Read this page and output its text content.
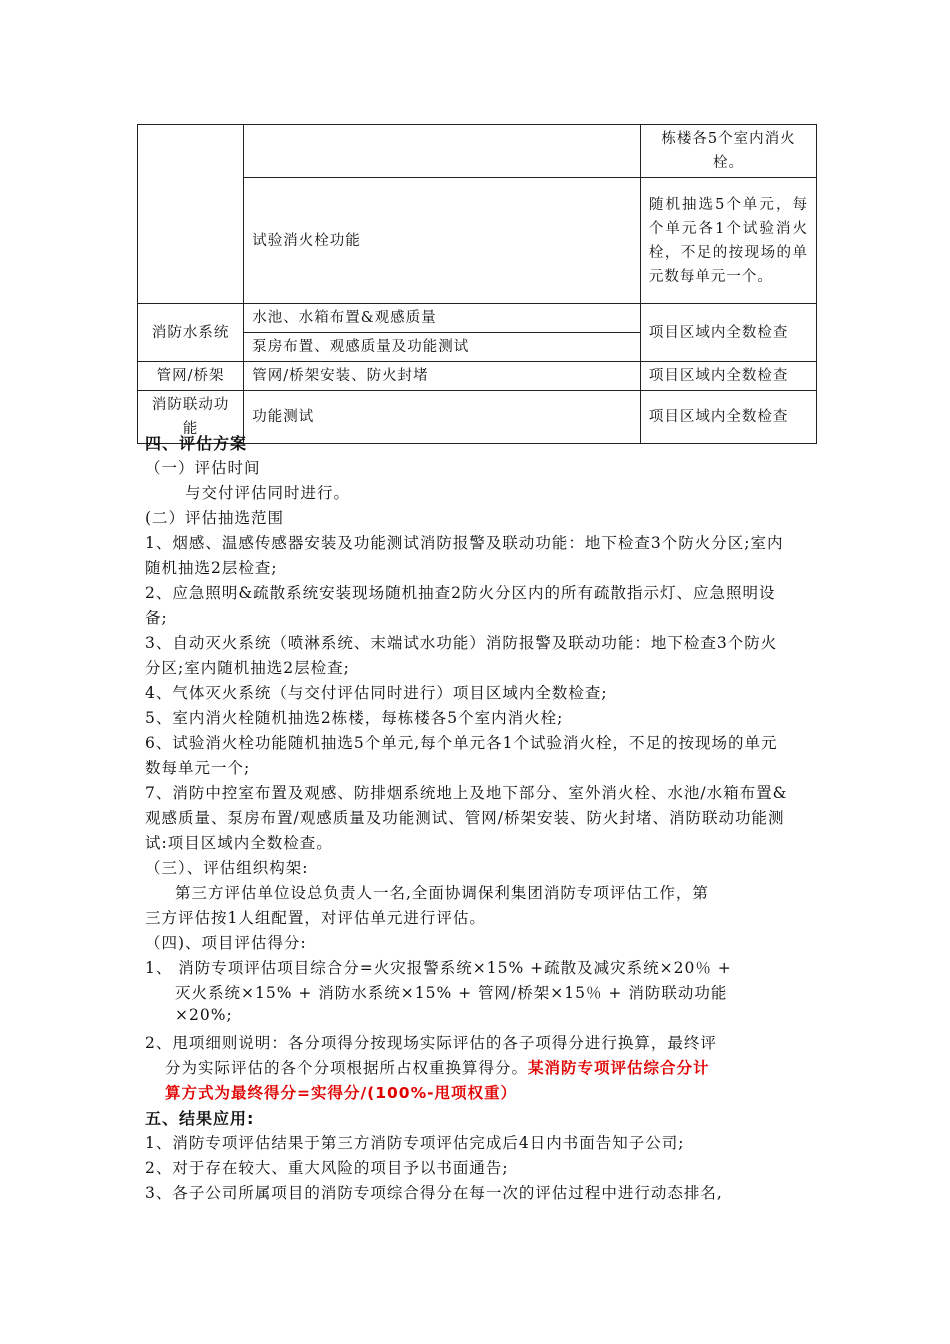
		栋楼各5个室内消火栓。
	试验消火栓功能	随机抽选5个单元，每个单元各1个试验消火栓，不足的按现场的单元数每单元一个。
消防水系统	水池、水箱布置&观感质量	项目区域内全数检查
	泵房布置、观感质量及功能测试	
管网/桥架	管网/桥架安装、防火封堵	项目区域内全数检查
消防联动功能	功能测试	项目区域内全数检查
四、评估方案
（一）评估时间
与交付评估同时进行。
(二）评估抽选范围
1、烟感、温感传感器安装及功能测试消防报警及联动功能：地下检查3个防火分区;室内
随机抽选2层检查;
2、应急照明&疏散系统安装现场随机抽查2防火分区内的所有疏散指示灯、应急照明设
备;
3、自动灭火系统（喷淋系统、末端试水功能）消防报警及联动功能：地下检查3个防火
分区;室内随机抽选2层检查;
4、气体灭火系统（与交付评估同时进行）项目区域内全数检查;
5、室内消火栓随机抽选2栋楼，每栋楼各5个室内消火栓;
6、试验消火栓功能随机抽选5个单元,每个单元各1个试验消火栓，不足的按现场的单元
数每单元一个;
7、消防中控室布置及观感、防排烟系统地上及地下部分、室外消火栓、水池/水箱布置&
观感质量、泵房布置/观感质量及功能测试、管网/桥架安装、防火封堵、消防联动功能测
试:项目区域内全数检查。
（三）、评估组织构架:
第三方评估单位设总负责人一名,全面协调保利集团消防专项评估工作，第
三方评估按1人组配置，对评估单元进行评估。
（四)、项目评估得分:
1、 消防专项评估项目综合分=火灾报警系统×15% +疏散及减灾系统×20％ +
灭火系统×15% + 消防水系统×15% + 管网/桥架×15％ + 消防联动功能
×20%;
2、甩项细则说明：各分项得分按现场实际评估的各子项得分进行换算，最终评
分为实际评估的各个分项根据所占权重换算得分。某消防专项评估综合分计
算方式为最终得分=实得分/(100%-甩项权重）
五、结果应用:
1、消防专项评估结果于第三方消防专项评估完成后4日内书面告知子公司;
2、对于存在较大、重大风险的项目予以书面通告;
3、各子公司所属项目的消防专项综合得分在每一次的评估过程中进行动态排名,
